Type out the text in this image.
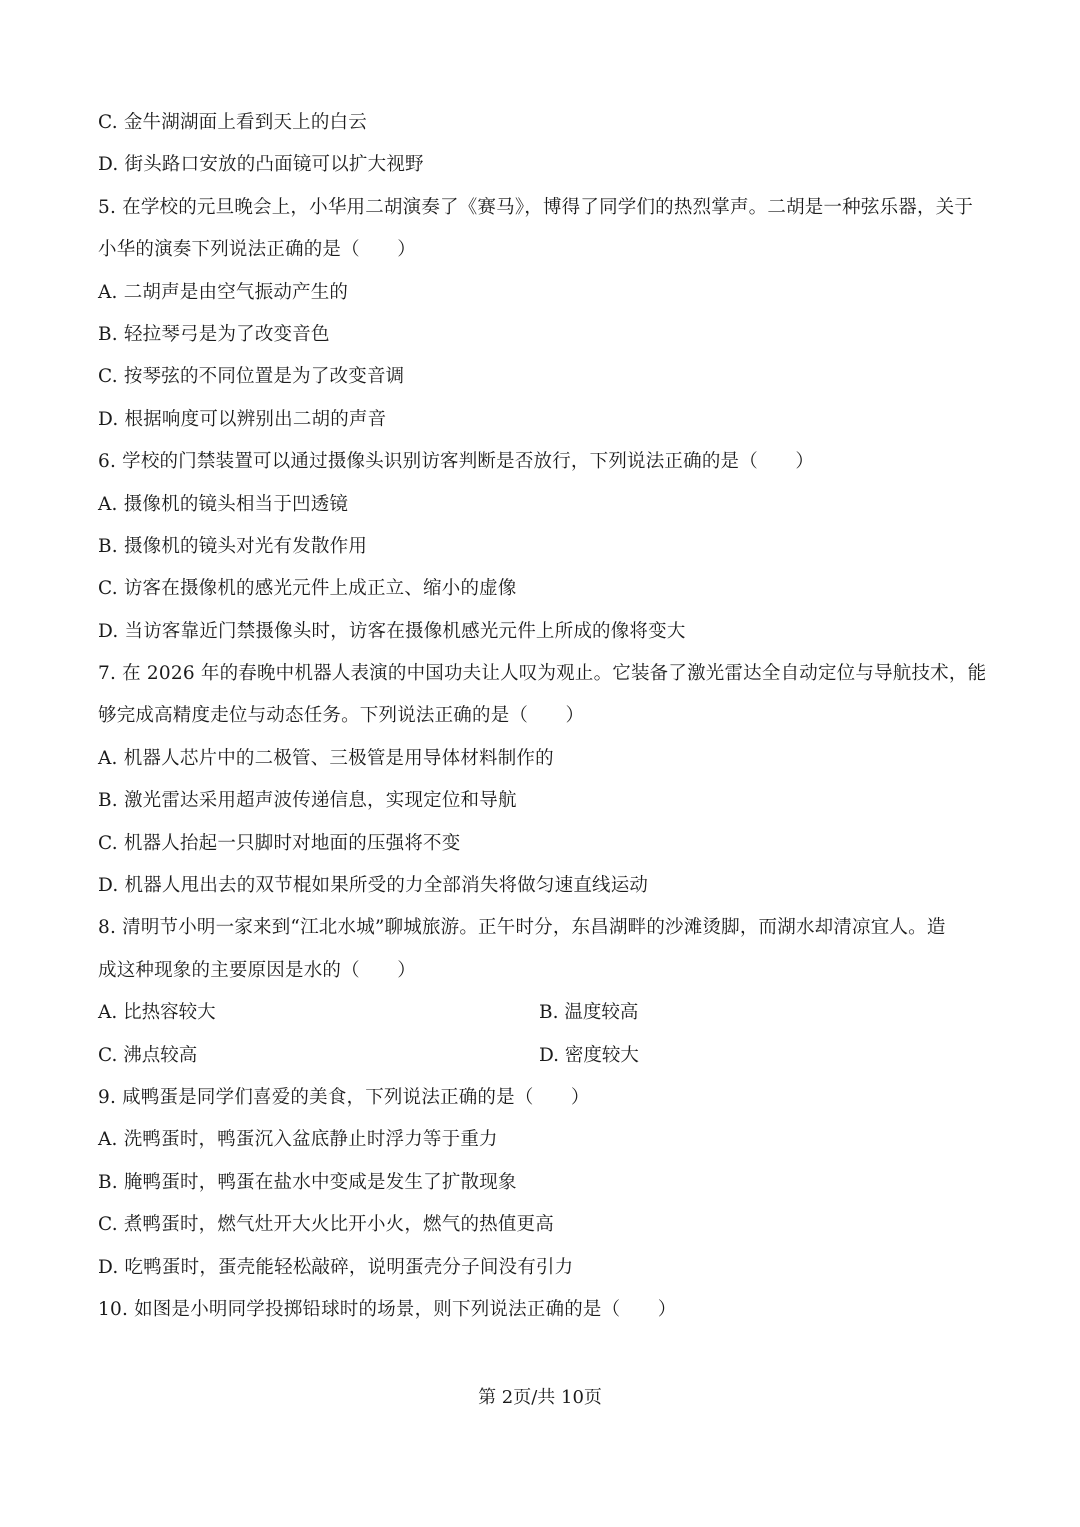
C. 金牛湖湖面上看到天上的白云
D. 街头路口安放的凸面镜可以扩大视野
5. 在学校的元旦晚会上，小华用二胡演奏了《赛马》，博得了同学们的热烈掌声。二胡是一种弦乐器，关于
小华的演奏下列说法正确的是（　　）
A. 二胡声是由空气振动产生的
B. 轻拉琴弓是为了改变音色
C. 按琴弦的不同位置是为了改变音调
D. 根据响度可以辨别出二胡的声音
6. 学校的门禁装置可以通过摄像头识别访客判断是否放行，下列说法正确的是（　　）
A. 摄像机的镜头相当于凹透镜
B. 摄像机的镜头对光有发散作用
C. 访客在摄像机的感光元件上成正立、缩小的虚像
D. 当访客靠近门禁摄像头时，访客在摄像机感光元件上所成的像将变大
7. 在 2026 年的春晚中机器人表演的中国功夫让人叹为观止。它装备了激光雷达全自动定位与导航技术，能
够完成高精度走位与动态任务。下列说法正确的是（　　）
A. 机器人芯片中的二极管、三极管是用导体材料制作的
B. 激光雷达采用超声波传递信息，实现定位和导航
C. 机器人抬起一只脚时对地面的压强将不变
D. 机器人甩出去的双节棍如果所受的力全部消失将做匀速直线运动
8. 清明节小明一家来到“江北水城”聊城旅游。正午时分，东昌湖畔的沙滩烫脚，而湖水却清凉宜人。造
成这种现象的主要原因是水的（　　）
A. 比热容较大	B. 温度较高
C. 沸点较高	D. 密度较大
9. 咸鸭蛋是同学们喜爱的美食，下列说法正确的是（　　）
A. 洗鸭蛋时，鸭蛋沉入盆底静止时浮力等于重力
B. 腌鸭蛋时，鸭蛋在盐水中变咸是发生了扩散现象
C. 煮鸭蛋时，燃气灶开大火比开小火，燃气的热值更高
D. 吃鸭蛋时，蛋壳能轻松敲碎，说明蛋壳分子间没有引力
10. 如图是小明同学投掷铅球时的场景，则下列说法正确的是（　　）
第 2页/共 10页
